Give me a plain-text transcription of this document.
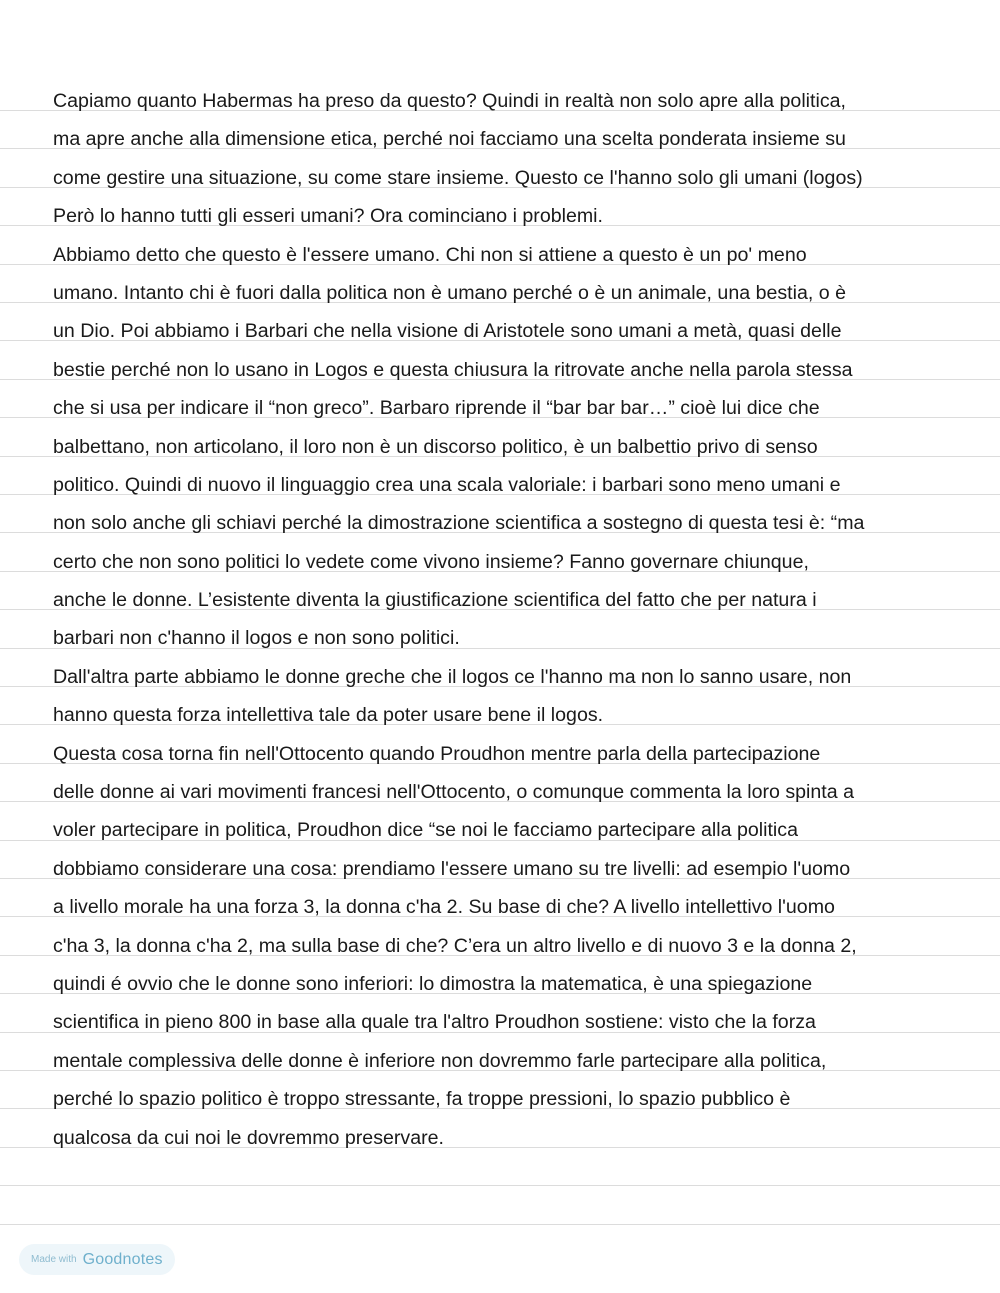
Capiamo quanto Habermas ha preso da questo? Quindi in realtà non solo apre alla politica,
ma apre anche alla dimensione etica, perché noi facciamo una scelta ponderata insieme su
come gestire una situazione, su come stare insieme. Questo ce l'hanno solo gli umani (logos)
Però lo hanno tutti gli esseri umani? Ora cominciano i problemi.
Abbiamo detto che questo è l'essere umano. Chi non si attiene a questo è un po' meno
umano. Intanto chi è fuori dalla politica non è umano perché o è un animale, una bestia, o è
un Dio. Poi abbiamo i Barbari che nella visione di Aristotele sono umani a metà, quasi delle
bestie perché non lo usano in Logos e questa chiusura la ritrovate anche nella parola stessa
che si usa per indicare il “non greco”. Barbaro riprende il “bar bar bar…” cioè lui dice che
balbettano, non articolano, il loro non è un discorso politico, è un balbettio privo di senso
politico. Quindi di nuovo il linguaggio crea una scala valoriale: i barbari sono meno umani e
non solo anche gli schiavi perché la dimostrazione scientifica a sostegno di questa tesi è: “ma
certo che non sono politici lo vedete come vivono insieme? Fanno governare chiunque,
anche le donne. L’esistente diventa la giustificazione scientifica del fatto che per natura i
barbari non c'hanno il logos e non sono politici.
Dall'altra parte abbiamo le donne greche che il logos ce l'hanno ma non lo sanno usare, non
hanno questa forza intellettiva tale da poter usare bene il logos.
Questa cosa torna fin nell'Ottocento quando Proudhon mentre parla della partecipazione
delle donne ai vari movimenti francesi nell'Ottocento, o comunque commenta la loro spinta a
voler partecipare in politica, Proudhon dice “se noi le facciamo partecipare alla politica
dobbiamo considerare una cosa: prendiamo l'essere umano su tre livelli: ad esempio l'uomo
a livello morale ha una forza 3, la donna c'ha 2. Su base di che? A livello intellettivo l'uomo
c'ha 3, la donna c'ha 2, ma sulla base di che? C’era un altro livello e di nuovo 3 e la donna 2,
quindi é ovvio che le donne sono inferiori: lo dimostra la matematica, è una spiegazione
scientifica in pieno 800 in base alla quale tra l'altro Proudhon sostiene: visto che la forza
mentale complessiva delle donne è inferiore non dovremmo farle partecipare alla politica,
perché lo spazio politico è troppo stressante, fa troppe pressioni, lo spazio pubblico è
qualcosa da cui noi le dovremmo preservare.
Made with Goodnotes
